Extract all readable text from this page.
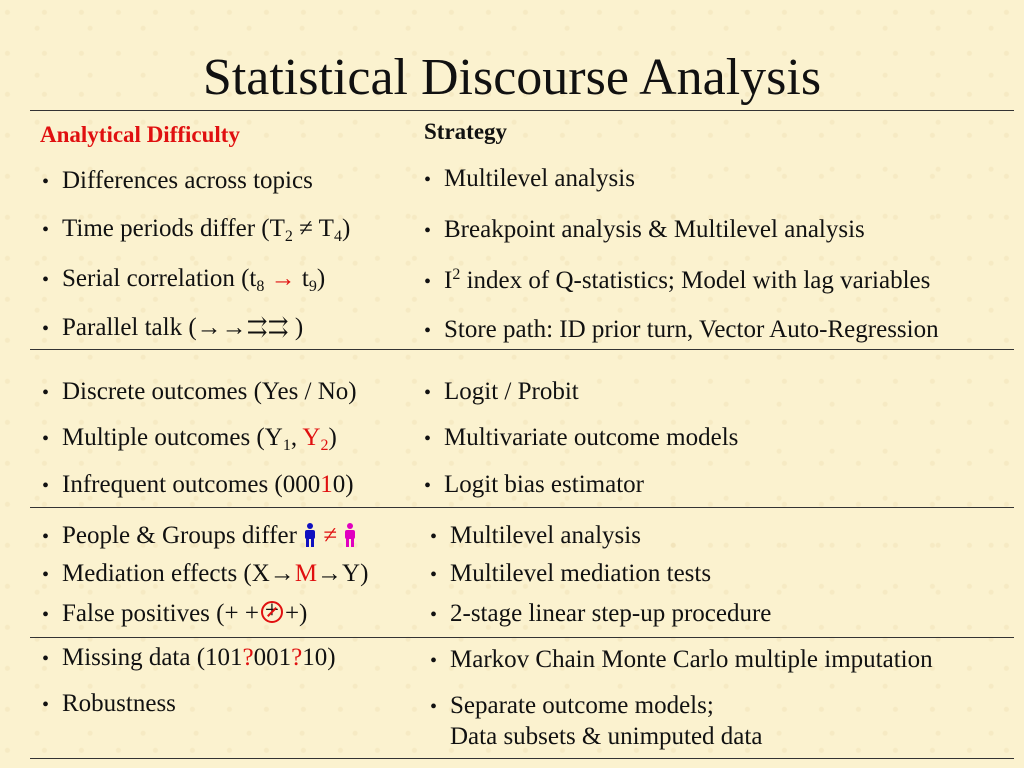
Statistical Discourse Analysis
Analytical Difficulty	Strategy
• Differences across topics	• Multilevel analysis
• Time periods differ $(T_2 \ne T_4)$	• Breakpoint analysis & Multilevel analysis
• Serial correlation $(t_8 \to t_9)$	• $I^2$ index of Q-statistics; Model with lag variables
• Parallel talk (→→⇉⇉ )	• Store path: ID prior turn, Vector Auto-Regression
• Discrete outcomes (Yes / No)	• Logit / Probit
• Multiple outcomes ($Y_1$, $Y_2$)	• Multivariate outcome models
• Infrequent outcomes (00010)	• Logit bias estimator
• People & Groups differ ≠	• Multilevel analysis
• Mediation effects (X→M→Y)	• Multilevel mediation tests
• False positives (+ + + +)	• 2-stage linear step-up procedure
• Missing data (101?001?10)	• Markov Chain Monte Carlo multiple imputation
• Robustness	• Separate outcome models;
Data subsets & unimputed data
